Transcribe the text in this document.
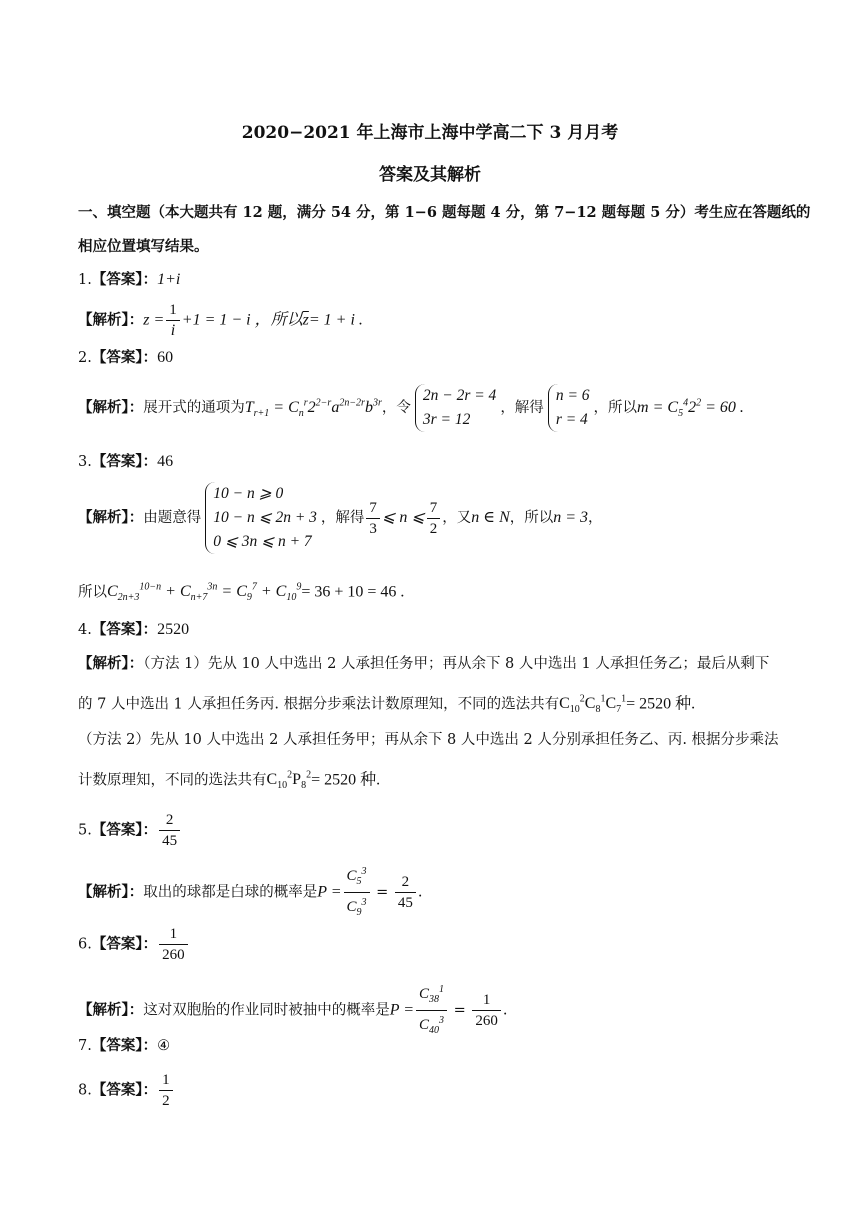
2020−2021 年上海市上海中学高二下 3 月月考
答案及其解析
一、填空题（本大题共有 12 题，满分 54 分，第 1−6 题每题 4 分，第 7−12 题每题 5 分）考生应在答题纸的
相应位置填写结果。
1.【答案】：1+i
【解析】：$z = \frac{1}{i} +1 = 1 - i$ ，所以$\overline{z}= 1 + i$ .
2.【答案】：60
【解析】：展开式的通项为$T_{r+1} = C_n^r2^{2-r}a^{2n-2r}b^{3r}$，令
2n − 2r = 4
3r = 12
，解得
n = 6
r = 4
，所以$m = C_5^42^2 = 60$ .
3.【答案】：46
【解析】：由题意得
10 − n ⩾ 0
10 − n ⩽ 2n + 3
0 ⩽ 3n ⩽ n + 7
，解得 $\frac{7}{3}$ ⩽ n ⩽ $\frac{7}{2}$ ，又n ∈ N，所以n = 3，
所以$C_{2n+3}^{10-n} + C_{n+7}^{3n} = C_9^7 + C_{10}^9= 36 + 10 = 46$ .
4.【答案】：2520
【解析】：（方法 1）先从 10 人中选出 2 人承担任务甲；再从余下 8 人中选出 1 人承担任务乙；最后从剩下
的 7 人中选出 1 人承担任务丙. 根据分步乘法计数原理知，不同的选法共有$C_{10}^2C_8^1C_7^1= 2520$ 种.
（方法 2）先从 10 人中选出 2 人承担任务甲；再从余下 8 人中选出 2 人分别承担任务乙、丙. 根据分步乘法
计数原理知，不同的选法共有$C_{10}^2P_8^2= 2520$ 种.
5.【答案】： $\frac{2}{45}$
【解析】：取出的球都是白球的概率是$P = \frac{C_5^3}{C_9^3} = \frac{2}{45}$ .
6.【答案】： $\frac{1}{260}$
【解析】：这对双胞胎的作业同时被抽中的概率是$P = \frac{C_{38}^1}{C_{40}^3} = \frac{1}{260}$ .
7.【答案】：④
8.【答案】： $\frac{1}{2}$
